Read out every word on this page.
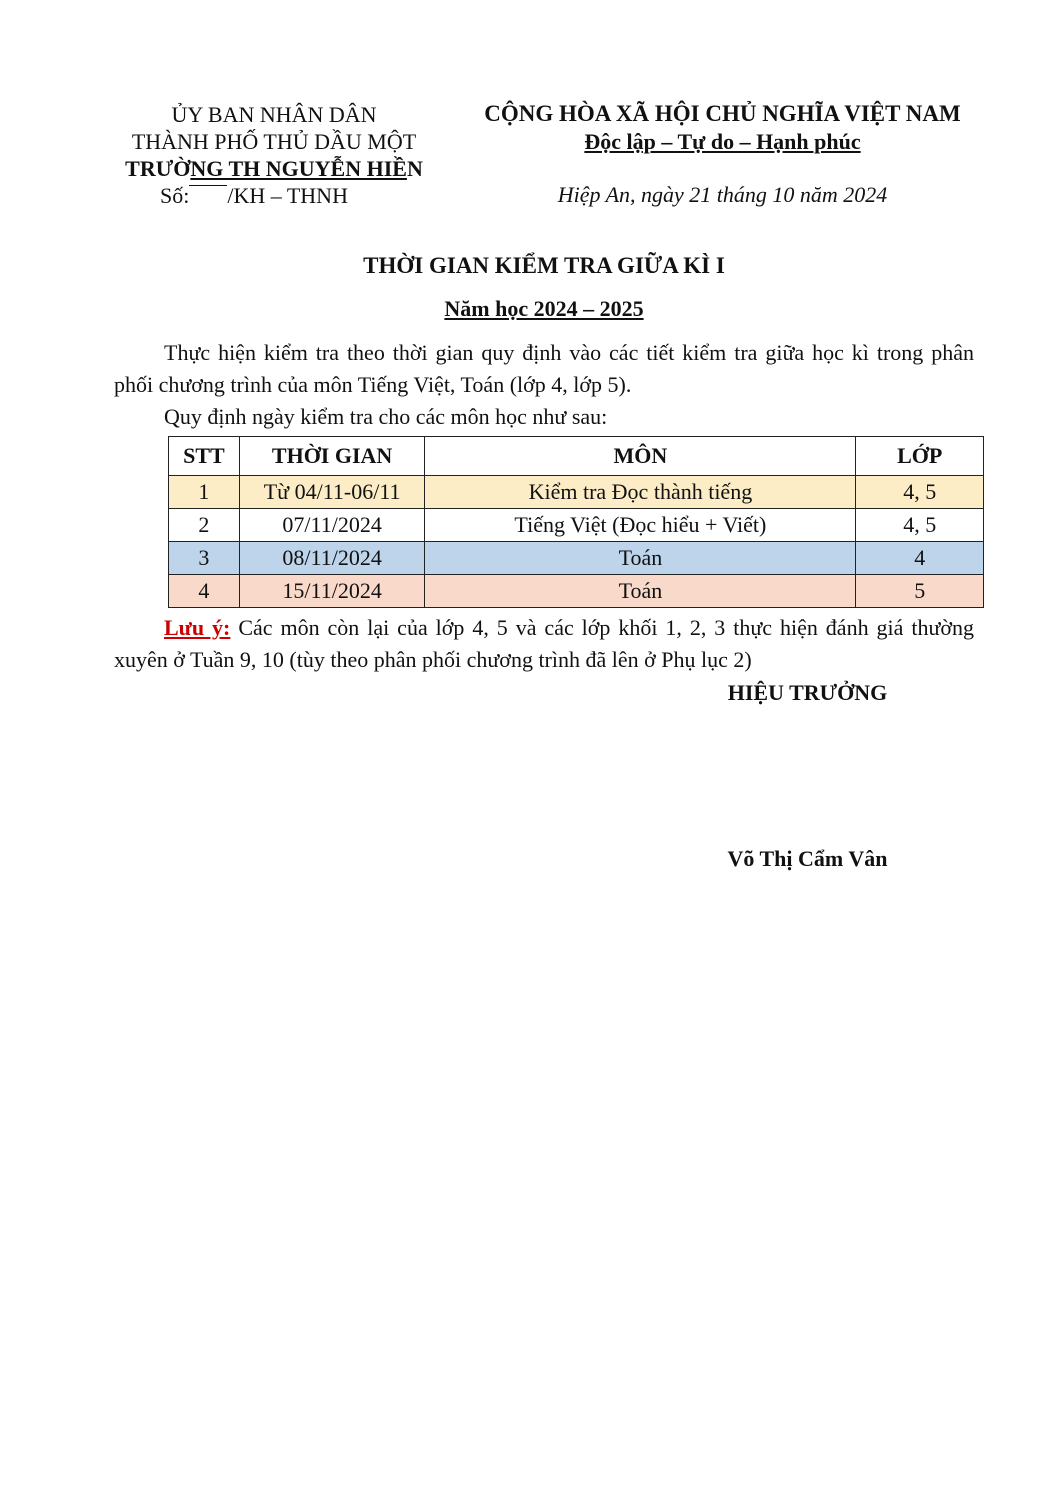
ỦY BAN NHÂN DÂN
THÀNH PHỐ THỦ DẦU MỘT
TRƯỜNG TH NGUYỄN HIỀN
Số: /KH – THNH
CỘNG HÒA XÃ HỘI CHỦ NGHĨA VIỆT NAM
Độc lập – Tự do – Hạnh phúc
Hiệp An, ngày 21 tháng 10 năm 2024
THỜI GIAN KIỂM TRA GIỮA KÌ I
Năm học 2024 – 2025
Thực hiện kiểm tra theo thời gian quy định vào các tiết kiểm tra giữa học kì trong phân phối chương trình của môn Tiếng Việt, Toán (lớp 4, lớp 5).
Quy định ngày kiểm tra cho các môn học như sau:
STT	THỜI GIAN	MÔN	LỚP
1	Từ 04/11-06/11	Kiểm tra Đọc thành tiếng	4, 5
2	07/11/2024	Tiếng Việt (Đọc hiểu + Viết)	4, 5
3	08/11/2024	Toán	4
4	15/11/2024	Toán	5
Lưu ý: Các môn còn lại của lớp 4, 5 và các lớp khối 1, 2, 3 thực hiện đánh giá thường xuyên ở Tuần 9, 10 (tùy theo phân phối chương trình đã lên ở Phụ lục 2)
HIỆU TRƯỞNG
Võ Thị Cẩm Vân
